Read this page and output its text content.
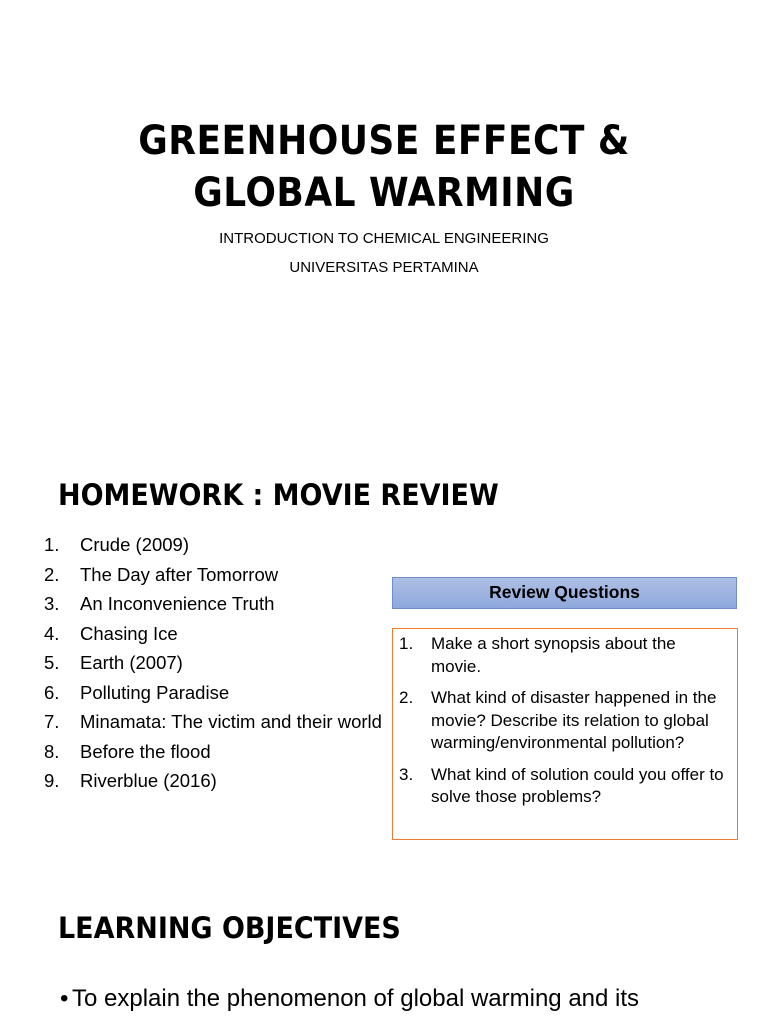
GREENHOUSE EFFECT &
GLOBAL WARMING
INTRODUCTION TO CHEMICAL ENGINEERING
UNIVERSITAS PERTAMINA
HOMEWORK : MOVIE REVIEW
1. Crude (2009)
2. The Day after Tomorrow
3. An Inconvenience Truth
4. Chasing Ice
5. Earth (2007)
6. Polluting Paradise
7. Minamata: The victim and their world
8. Before the flood
9. Riverblue (2016)
Review Questions
1. Make a short synopsis about the movie.
2. What kind of disaster happened in the movie? Describe its relation to global warming/environmental pollution?
3. What kind of solution could you offer to solve those problems?
LEARNING OBJECTIVES
• To explain the phenomenon of global warming and its
